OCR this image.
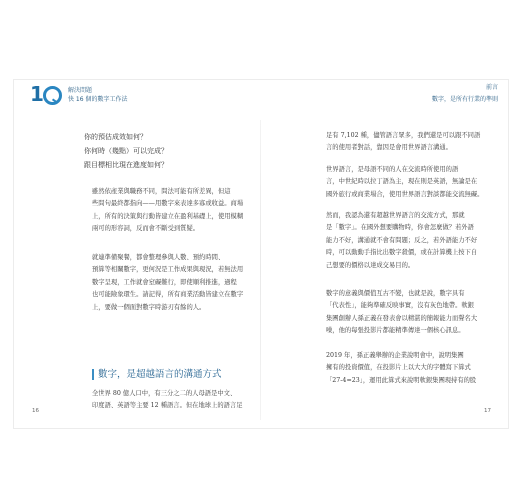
1	解決問題
快 16 個的數字工作法
前言
數字，是所有行業的準則
你的預估成效如何？
你何時（幾點）可以完成？
跟目標相比現在進度如何？
雖然依產業與職務不同，問法可能有所差異，但這
些問句最終都指向——用數字來表達多寡或收益。商場
上，所有的決策與行動皆建立在盈利基礎上，使用模糊
兩可的形容詞，反而會不斷受到質疑。
就連準備聚餐，都會整理參與人數、預約時間、
預算等相關數字，更何況是工作成果與現況，若無法用
數字呈現，工作就會窒礙難行，即使順利推進，過程
也可能險象環生。請記得，所有商業活動皆建立在數字
上，要做一個面對數字時游刃有餘的人。
數字，是超越語言的溝通方式
全世界 80 億人口中，有三分之二的人母語是中文、
印度語、英語等主要 12 種語言。但在地球上的語言足
16
足有 7,102 種，儘管語言眾多，我們還是可以跟不同語
言的使用者對話，靠因是會用世界語言溝通。
世界語言，是母語不同的人在交流時所使用的語
言，中世紀時以拉丁語為主，現在則是英語，無論是在
國外旅行或商業場合，使用世界語言對談都能交流無礙。
然而，我認為還有超越世界語言的交流方式，那就
是「數字」。在國外想要購物時，你會怎麼做？若外語
能力不好，溝通就不會有問題；反之，若外語能力不好
時，可以動動手指比出數字殺價，或在計算機上按下自
己想要的價格以達成交易目的。
數字的意義與價值互古不變，也就是說，數字具有
「代表性」，能夠準確反映事實，沒有灰色地帶。軟銀
集團創辦人孫正義在發表會以精湛的簡報能力而聲名大
噪，他的每張投影片都能精準傳達一個核心訊息。
2019 年，孫正義舉辦的企業說明會中，說明集團
擁有的投資價值，在投影片上以大大的字體寫下算式
「27-4=23」，運用此算式來說明軟銀集團現持有的股
17
